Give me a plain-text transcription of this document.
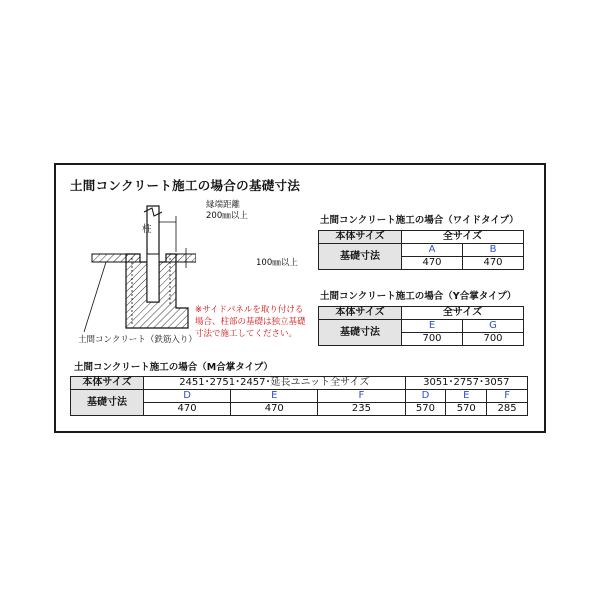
土間コンクリート施工の場合の基礎寸法
柱
縁端距離
200㎜以上
100㎜以上
土間コンクリート（鉄筋入り）
※サイドパネルを取り付ける場合、柱部の基礎は独立基礎寸法で施工してください。
土間コンクリート施工の場合（ワイドタイプ）
本体サイズ	全サイズ	
基礎寸法	A	B
	470	470
土間コンクリート施工の場合（Y合掌タイプ）
本体サイズ	全サイズ	
基礎寸法	E	G
	700	700
土間コンクリート施工の場合（M合掌タイプ）
本体サイズ	2451･2751･2457･延長ユニット全サイズ			3051･2757･3057		
基礎寸法	D	E	F	D	E	F
	470	470	235	570	570	285
